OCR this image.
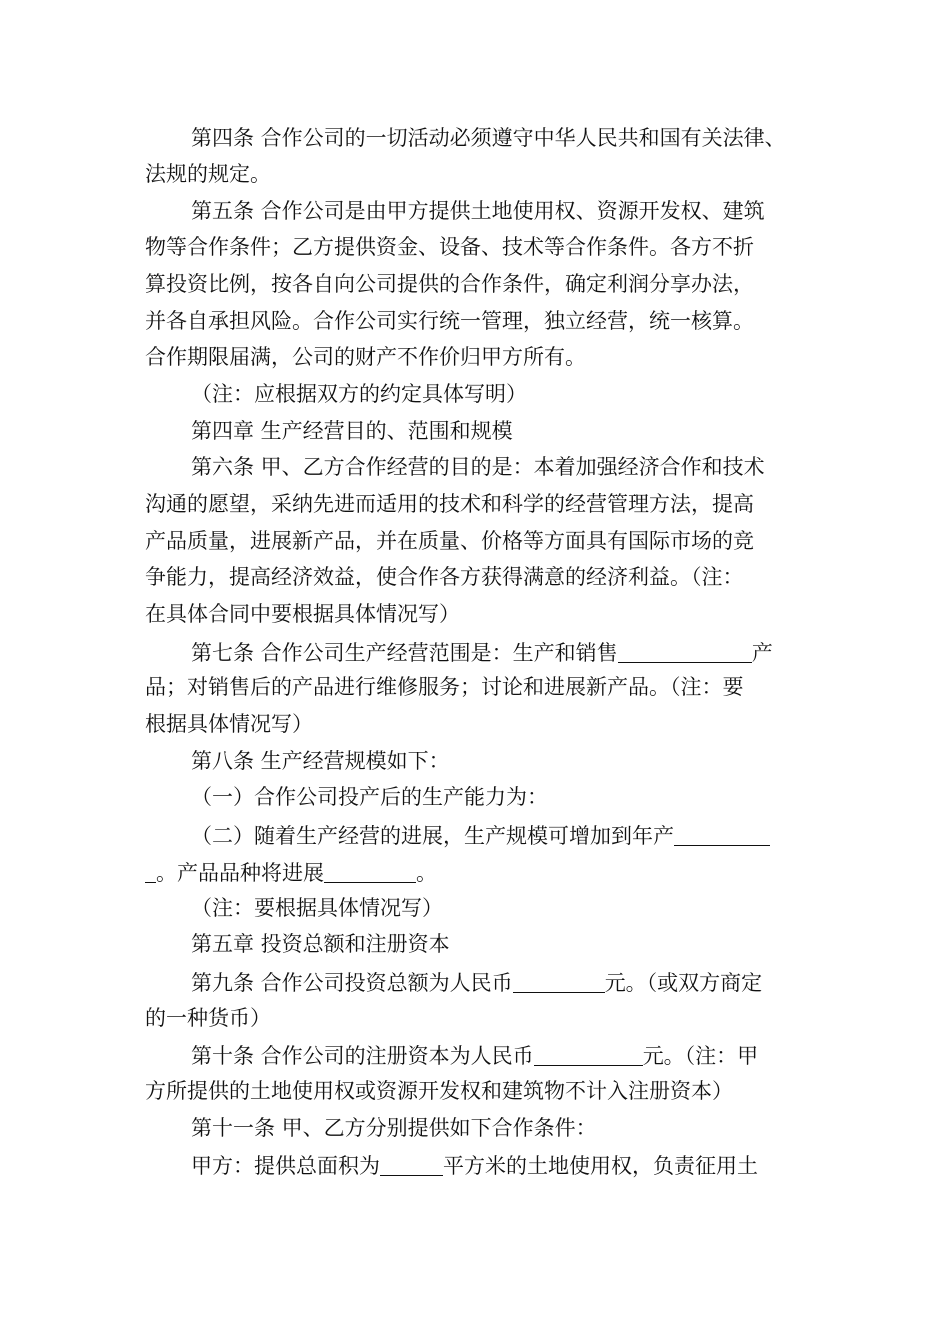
第四条 合作公司的一切活动必须遵守中华人民共和国有关法律、

法规的规定。

第五条 合作公司是由甲方提供土地使用权、资源开发权、建筑

物等合作条件；乙方提供资金、设备、技术等合作条件。各方不折

算投资比例，按各自向公司提供的合作条件，确定利润分享办法，

并各自承担风险。合作公司实行统一管理，独立经营，统一核算。

合作期限届满，公司的财产不作价归甲方所有。

（注：应根据双方的约定具体写明）

第四章 生产经营目的、范围和规模

第六条 甲、乙方合作经营的目的是：本着加强经济合作和技术

沟通的愿望，采纳先进而适用的技术和科学的经营管理方法，提高

产品质量，进展新产品，并在质量、价格等方面具有国际市场的竞

争能力，提高经济效益，使合作各方获得满意的经济利益。（注：

在具体合同中要根据具体情况写）

第七条 合作公司生产经营范围是：生产和销售	产

品；对销售后的产品进行维修服务；讨论和进展新产品。（注：要

根据具体情况写）

第八条 生产经营规模如下：

（一）合作公司投产后的生产能力为：

（二）随着生产经营的进展，生产规模可增加到年产

。产品品种将进展	。

（注：要根据具体情况写）

第五章 投资总额和注册资本

第九条 合作公司投资总额为人民币	元。（或双方商定

的一种货币）

第十条 合作公司的注册资本为人民币	元。（注：甲

方所提供的土地使用权或资源开发权和建筑物不计入注册资本）

第十一条 甲、乙方分别提供如下合作条件：

甲方：提供总面积为	平方米的土地使用权，负责征用土
